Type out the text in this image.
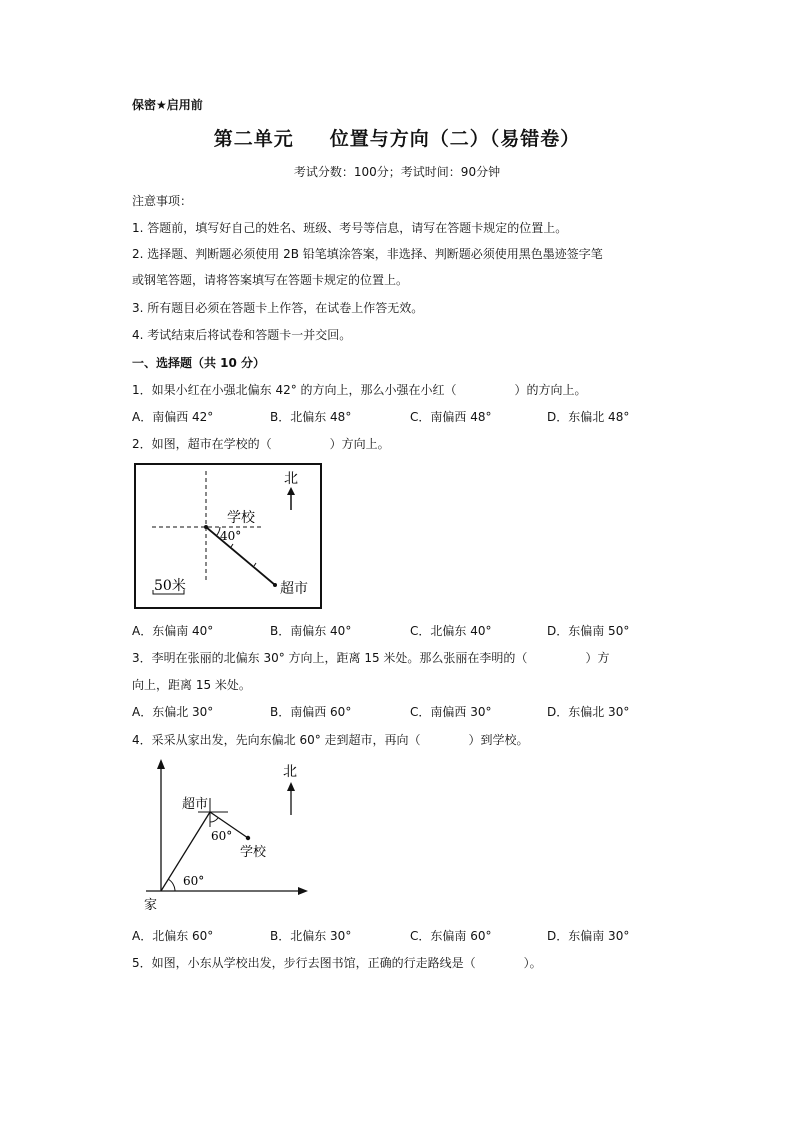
保密★启用前
第二单元 位置与方向（二）（易错卷）
考试分数：100分；考试时间：90分钟
注意事项：
1. 答题前，填写好自己的姓名、班级、考号等信息，请写在答题卡规定的位置上。
2. 选择题、判断题必须使用 2B 铅笔填涂答案，非选择、判断题必须使用黑色墨迹签字笔
或钢笔答题，请将答案填写在答题卡规定的位置上。
3. 所有题目必须在答题卡上作答，在试卷上作答无效。
4. 考试结束后将试卷和答题卡一并交回。
一、选择题（共 10 分）
1．如果小红在小强北偏东 42° 的方向上，那么小强在小红（	）的方向上。
A．南偏西 42°	B．北偏东 48°	C．南偏西 48°	D．东偏北 48°
2．如图，超市在学校的（	）方向上。
北
学校
40°
超市
50米
A．东偏南 40°	B．南偏东 40°	C．北偏东 40°	D．东偏南 50°
3．李明在张丽的北偏东 30° 方向上，距离 15 米处。那么张丽在李明的（	）方
向上，距离 15 米处。
A．东偏北 30°	B．南偏西 60°	C．南偏西 30°	D．东偏北 30°
4．采采从家出发，先向东偏北 60° 走到超市，再向（	）到学校。
北
超市
60°
学校
60°
家
A．北偏东 60°	B．北偏东 30°	C．东偏南 60°	D．东偏南 30°
5．如图，小东从学校出发，步行去图书馆，正确的行走路线是（	）。
